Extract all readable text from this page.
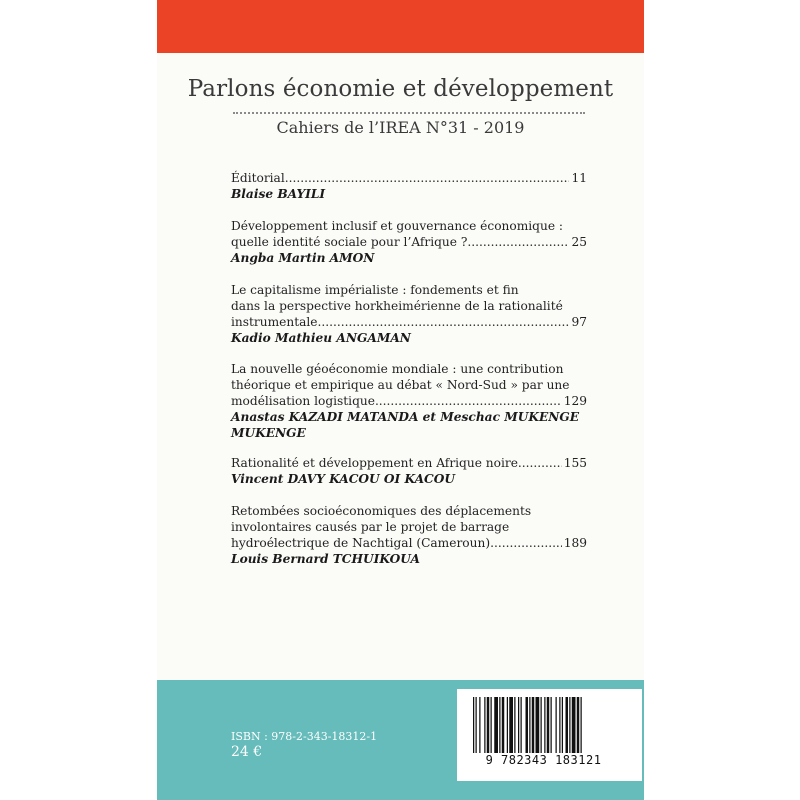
Parlons économie et développement
Cahiers de l’IREA N°31 - 2019
Éditorial .....	11
Blaise BAYILI
Développement inclusif et gouvernance économique :
quelle identité sociale pour l’Afrique ? .....	25
Angba Martin AMON
Le capitalisme impérialiste : fondements et fin
dans la perspective horkheimérienne de la rationalité
instrumentale .....	97
Kadio Mathieu ANGAMAN
La nouvelle géoéconomie mondiale : une contribution
théorique et empirique au débat « Nord-Sud » par une
modélisation logistique .....	129
Anastas KAZADI MATANDA et Meschac MUKENGE
MUKENGE
Rationalité et développement en Afrique noire .....	155
Vincent DAVY KACOU OI KACOU
Retombées socioéconomiques des déplacements
involontaires causés par le projet de barrage
hydroélectrique de Nachtigal (Cameroun) .....	189
Louis Bernard TCHUIKOUA
ISBN : 978-2-343-18312-1
24 €	9 782343 183121
